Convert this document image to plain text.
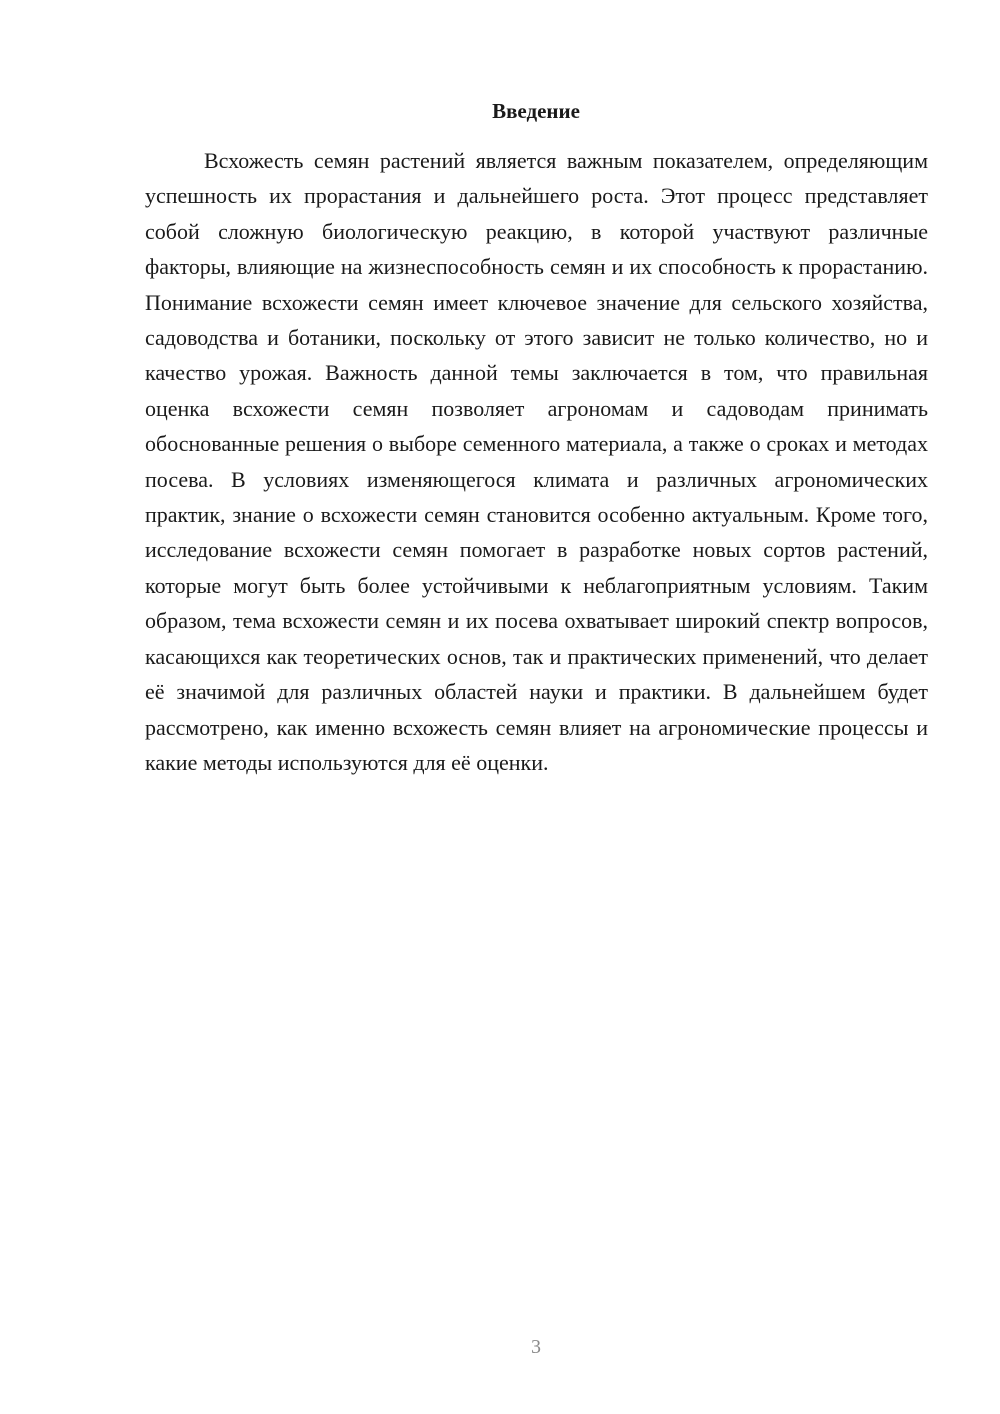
Введение

Всхожесть семян растений является важным показателем, определяющим успешность их прорастания и дальнейшего роста. Этот процесс представляет собой сложную биологическую реакцию, в которой участвуют различные факторы, влияющие на жизнеспособность семян и их способность к прорастанию. Понимание всхожести семян имеет ключевое значение для сельского хозяйства, садоводства и ботаники, поскольку от этого зависит не только количество, но и качество урожая. Важность данной темы заключается в том, что правильная оценка всхожести семян позволяет агрономам и садоводам принимать обоснованные решения о выборе семенного материала, а также о сроках и методах посева. В условиях изменяющегося климата и различных агрономических практик, знание о всхожести семян становится особенно актуальным. Кроме того, исследование всхожести семян помогает в разработке новых сортов растений, которые могут быть более устойчивыми к неблагоприятным условиям. Таким образом, тема всхожести семян и их посева охватывает широкий спектр вопросов, касающихся как теоретических основ, так и практических применений, что делает её значимой для различных областей науки и практики. В дальнейшем будет рассмотрено, как именно всхожесть семян влияет на агрономические процессы и какие методы используются для её оценки.

3
